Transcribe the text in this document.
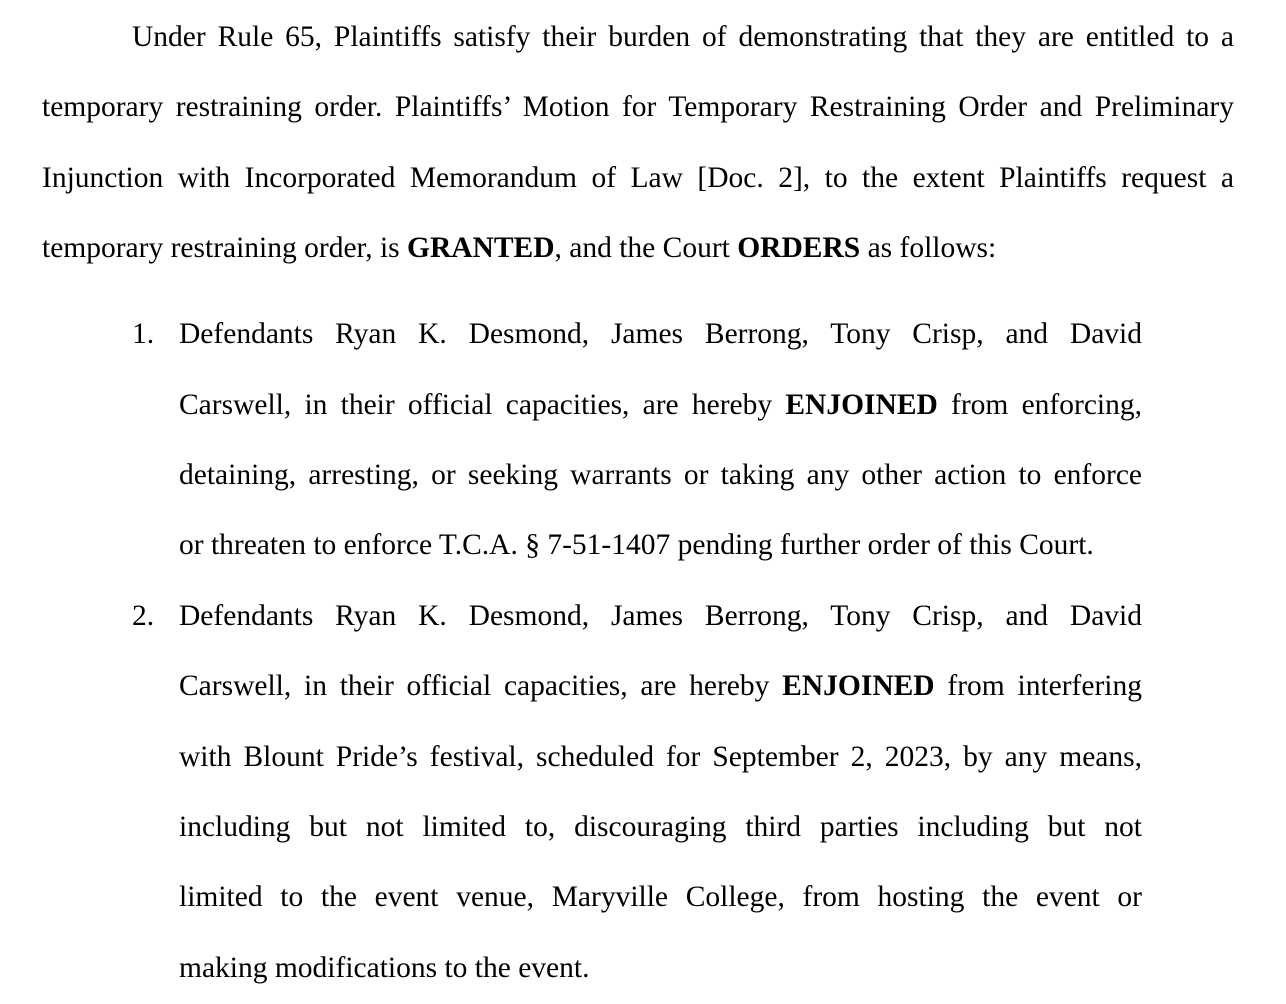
Under Rule 65, Plaintiffs satisfy their burden of demonstrating that they are entitled to a
temporary restraining order. Plaintiffs’ Motion for Temporary Restraining Order and Preliminary
Injunction with Incorporated Memorandum of Law [Doc. 2], to the extent Plaintiffs request a
temporary restraining order, is GRANTED, and the Court ORDERS as follows:
1. Defendants Ryan K. Desmond, James Berrong, Tony Crisp, and David
Carswell, in their official capacities, are hereby ENJOINED from enforcing,
detaining, arresting, or seeking warrants or taking any other action to enforce
or threaten to enforce T.C.A. § 7-51-1407 pending further order of this Court.
2. Defendants Ryan K. Desmond, James Berrong, Tony Crisp, and David
Carswell, in their official capacities, are hereby ENJOINED from interfering
with Blount Pride’s festival, scheduled for September 2, 2023, by any means,
including but not limited to, discouraging third parties including but not
limited to the event venue, Maryville College, from hosting the event or
making modifications to the event.
